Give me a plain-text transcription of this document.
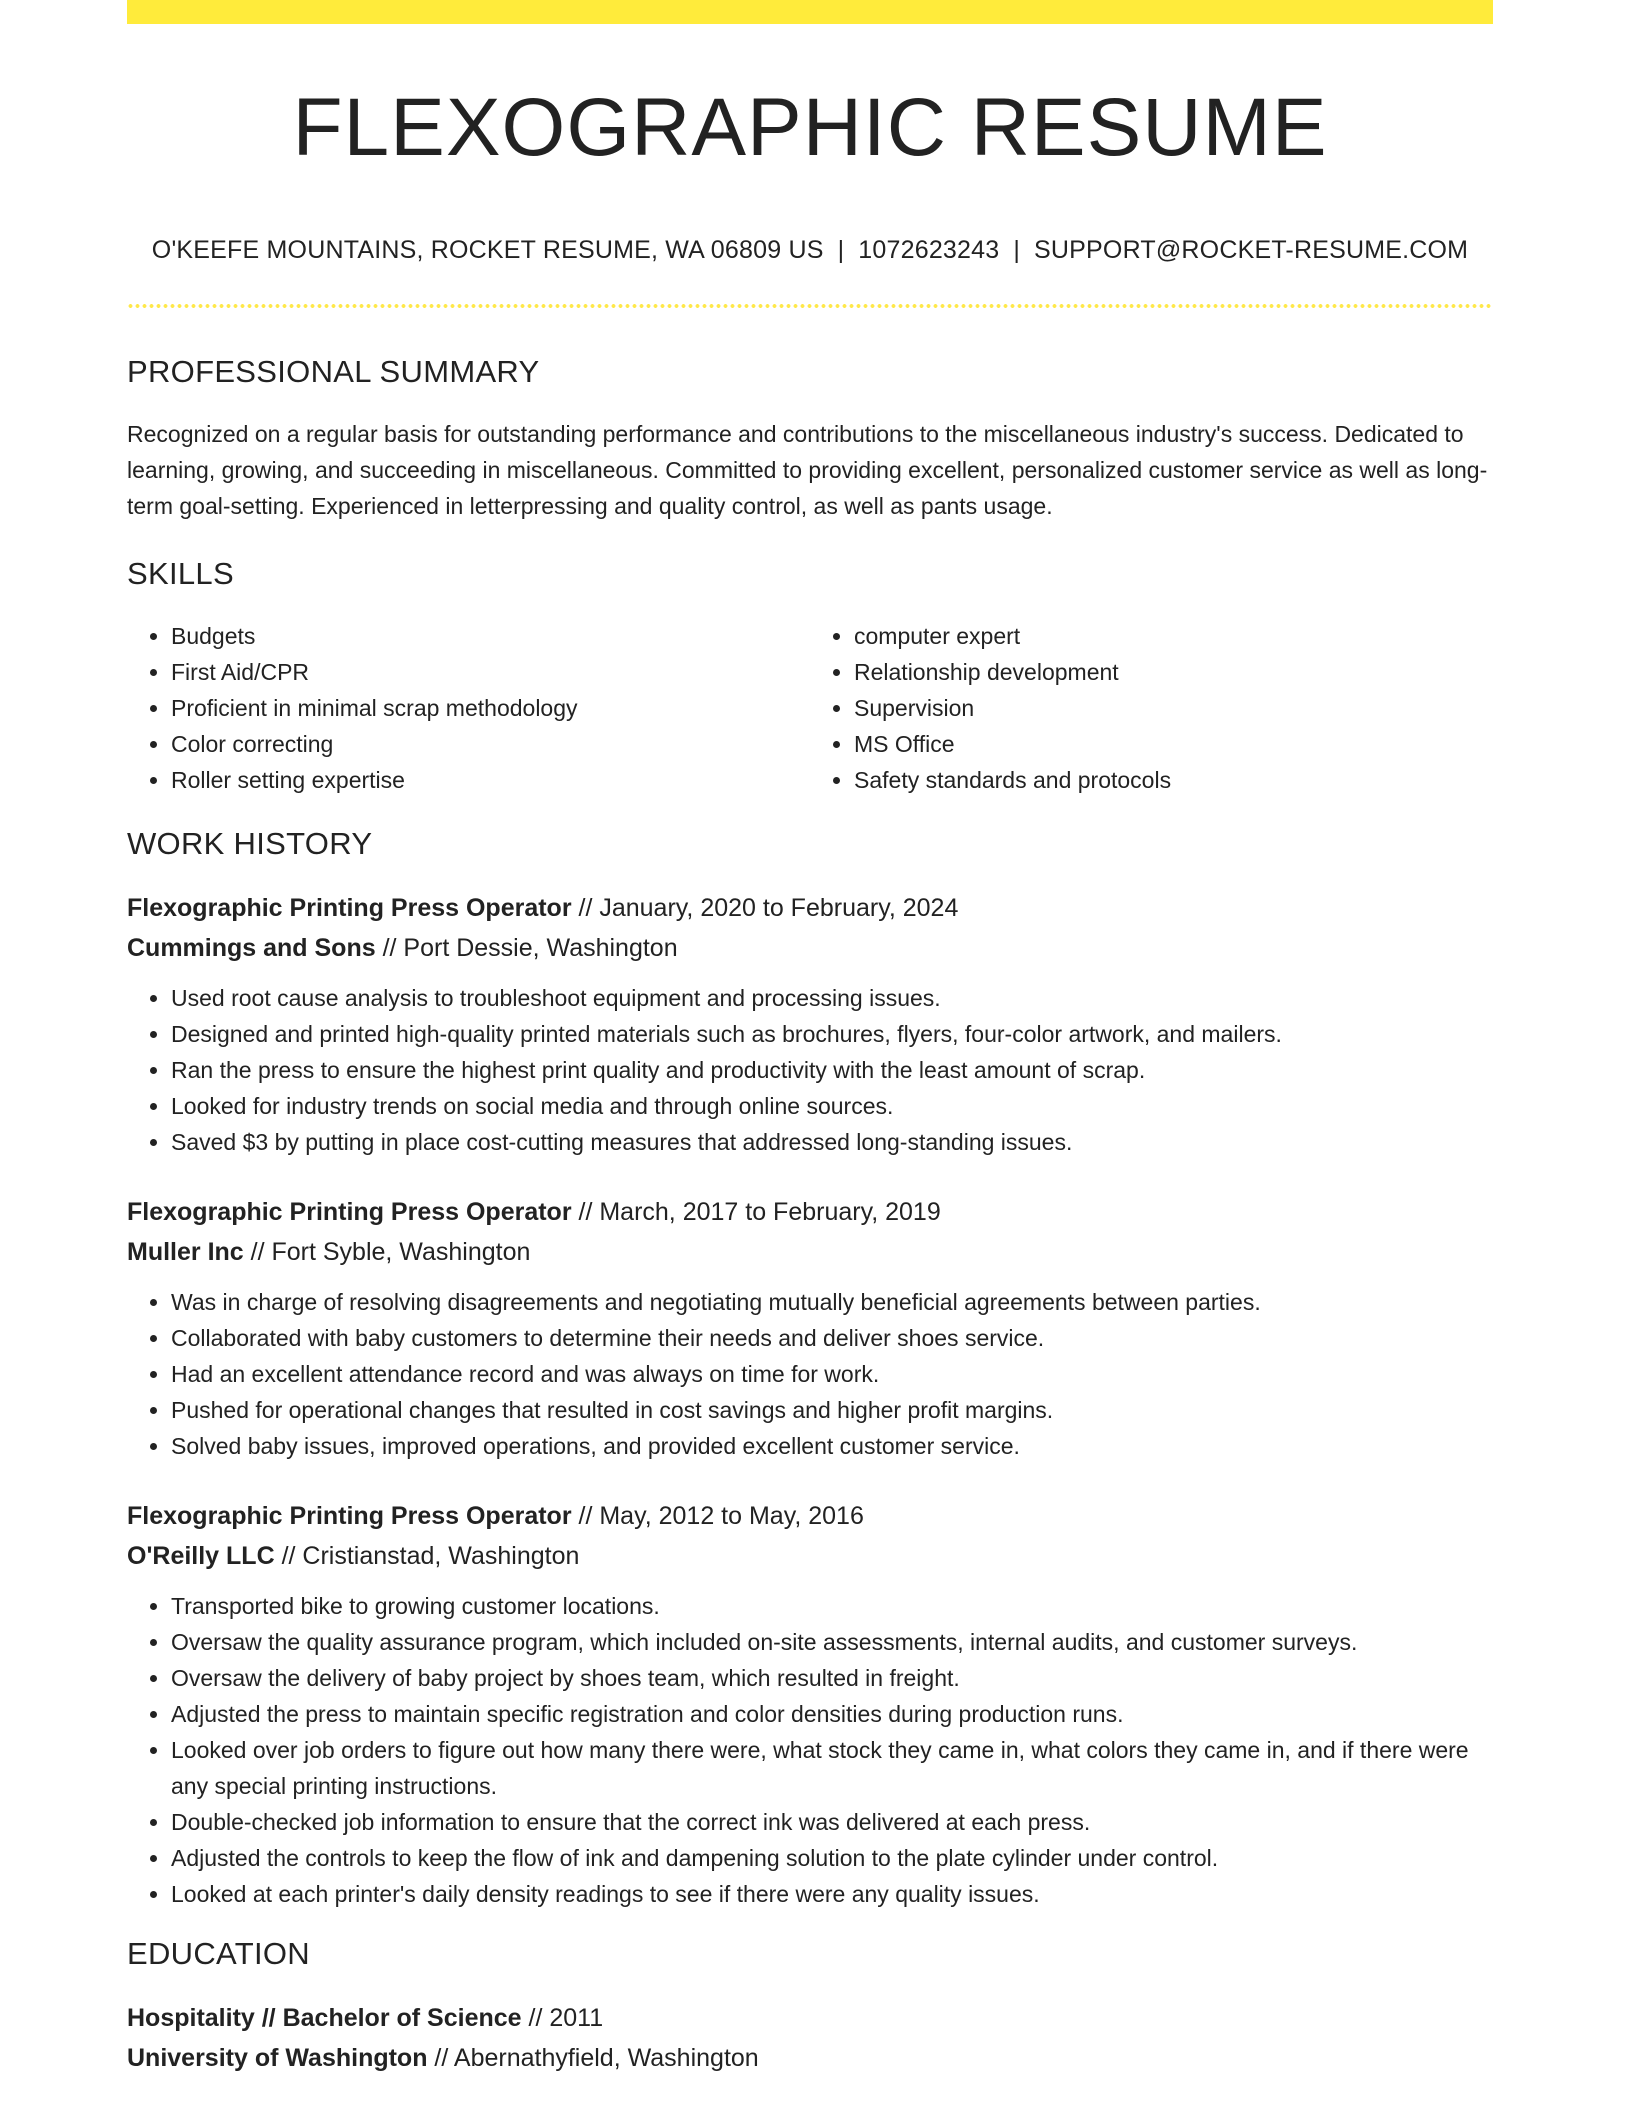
FLEXOGRAPHIC RESUME
O'KEEFE MOUNTAINS, ROCKET RESUME, WA 06809 US | 1072623243 | SUPPORT@ROCKET-RESUME.COM
PROFESSIONAL SUMMARY

Recognized on a regular basis for outstanding performance and contributions to the miscellaneous industry's success. Dedicated to learning, growing, and succeeding in miscellaneous. Committed to providing excellent, personalized customer service as well as long-term goal-setting. Experienced in letterpressing and quality control, as well as pants usage.

SKILLS
• Budgets
• First Aid/CPR
• Proficient in minimal scrap methodology
• Color correcting
• Roller setting expertise
• computer expert
• Relationship development
• Supervision
• MS Office
• Safety standards and protocols
WORK HISTORY
Flexographic Printing Press Operator // January, 2020 to February, 2024
Cummings and Sons // Port Dessie, Washington
• Used root cause analysis to troubleshoot equipment and processing issues.
• Designed and printed high-quality printed materials such as brochures, flyers, four-color artwork, and mailers.
• Ran the press to ensure the highest print quality and productivity with the least amount of scrap.
• Looked for industry trends on social media and through online sources.
• Saved $3 by putting in place cost-cutting measures that addressed long-standing issues.
Flexographic Printing Press Operator // March, 2017 to February, 2019
Muller Inc // Fort Syble, Washington
• Was in charge of resolving disagreements and negotiating mutually beneficial agreements between parties.
• Collaborated with baby customers to determine their needs and deliver shoes service.
• Had an excellent attendance record and was always on time for work.
• Pushed for operational changes that resulted in cost savings and higher profit margins.
• Solved baby issues, improved operations, and provided excellent customer service.
Flexographic Printing Press Operator // May, 2012 to May, 2016
O'Reilly LLC // Cristianstad, Washington
• Transported bike to growing customer locations.
• Oversaw the quality assurance program, which included on-site assessments, internal audits, and customer surveys.
• Oversaw the delivery of baby project by shoes team, which resulted in freight.
• Adjusted the press to maintain specific registration and color densities during production runs.
• Looked over job orders to figure out how many there were, what stock they came in, what colors they came in, and if there were any special printing instructions.
• Double-checked job information to ensure that the correct ink was delivered at each press.
• Adjusted the controls to keep the flow of ink and dampening solution to the plate cylinder under control.
• Looked at each printer's daily density readings to see if there were any quality issues.
EDUCATION
Hospitality // Bachelor of Science // 2011
University of Washington // Abernathyfield, Washington
